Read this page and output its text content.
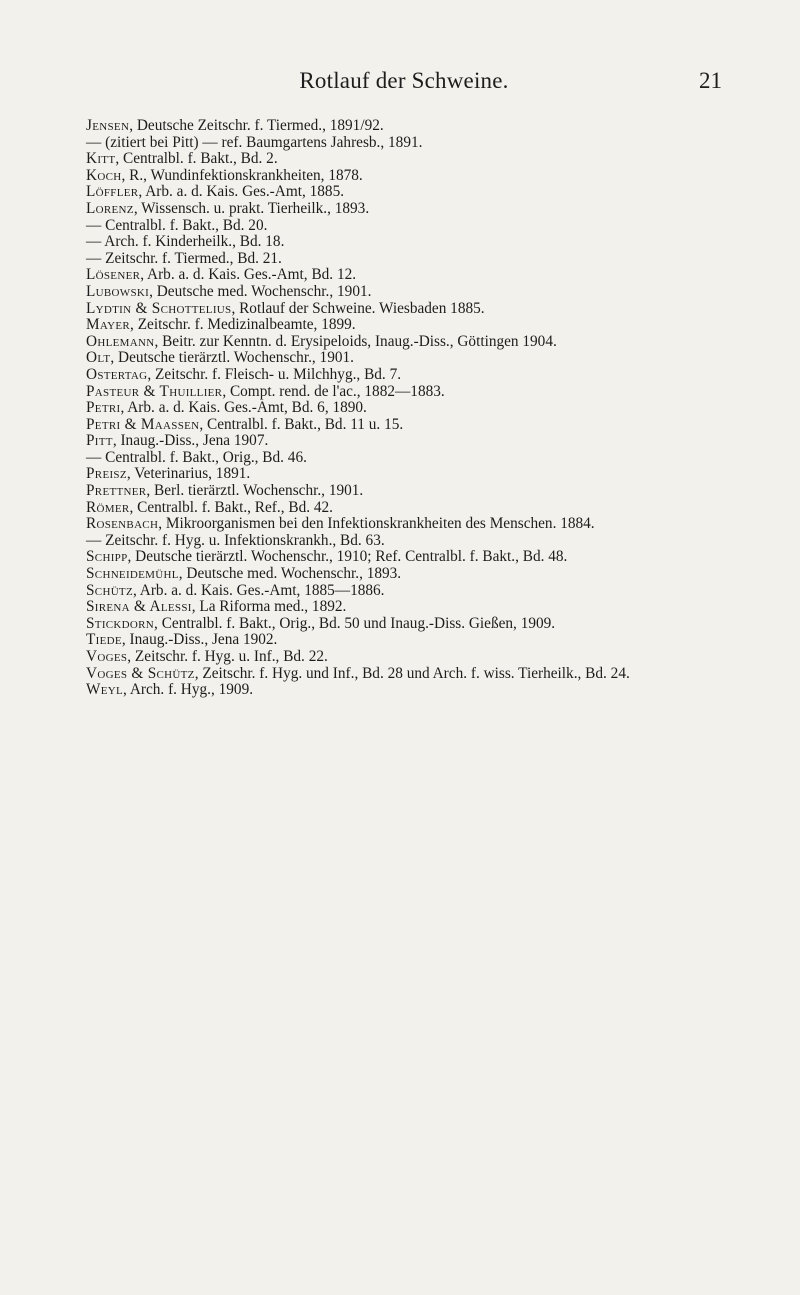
Rotlauf der Schweine.	21
Jensen, Deutsche Zeitschr. f. Tiermed., 1891/92.
— (zitiert bei Pitt) — ref. Baumgartens Jahresb., 1891.
Kitt, Centralbl. f. Bakt., Bd. 2.
Koch, R., Wundinfektionskrankheiten, 1878.
Löffler, Arb. a. d. Kais. Ges.-Amt, 1885.
Lorenz, Wissensch. u. prakt. Tierheilk., 1893.
— Centralbl. f. Bakt., Bd. 20.
— Arch. f. Kinderheilk., Bd. 18.
— Zeitschr. f. Tiermed., Bd. 21.
Lösener, Arb. a. d. Kais. Ges.-Amt, Bd. 12.
Lubowski, Deutsche med. Wochenschr., 1901.
Lydtin & Schottelius, Rotlauf der Schweine. Wiesbaden 1885.
Mayer, Zeitschr. f. Medizinalbeamte, 1899.
Ohlemann, Beitr. zur Kenntn. d. Erysipeloids, Inaug.-Diss., Göttingen 1904.
Olt, Deutsche tierärztl. Wochenschr., 1901.
Ostertag, Zeitschr. f. Fleisch- u. Milchhyg., Bd. 7.
Pasteur & Thuillier, Compt. rend. de l'ac., 1882—1883.
Petri, Arb. a. d. Kais. Ges.-Amt, Bd. 6, 1890.
Petri & Maassen, Centralbl. f. Bakt., Bd. 11 u. 15.
Pitt, Inaug.-Diss., Jena 1907.
— Centralbl. f. Bakt., Orig., Bd. 46.
Preisz, Veterinarius, 1891.
Prettner, Berl. tierärztl. Wochenschr., 1901.
Römer, Centralbl. f. Bakt., Ref., Bd. 42.
Rosenbach, Mikroorganismen bei den Infektionskrankheiten des Menschen. 1884.
— Zeitschr. f. Hyg. u. Infektionskrankh., Bd. 63.
Schipp, Deutsche tierärztl. Wochenschr., 1910; Ref. Centralbl. f. Bakt., Bd. 48.
Schneidemühl, Deutsche med. Wochenschr., 1893.
Schütz, Arb. a. d. Kais. Ges.-Amt, 1885—1886.
Sirena & Alessi, La Riforma med., 1892.
Stickdorn, Centralbl. f. Bakt., Orig., Bd. 50 und Inaug.-Diss. Gießen, 1909.
Tiede, Inaug.-Diss., Jena 1902.
Voges, Zeitschr. f. Hyg. u. Inf., Bd. 22.
Voges & Schütz, Zeitschr. f. Hyg. und Inf., Bd. 28 und Arch. f. wiss. Tierheilk., Bd. 24.
Weyl, Arch. f. Hyg., 1909.
